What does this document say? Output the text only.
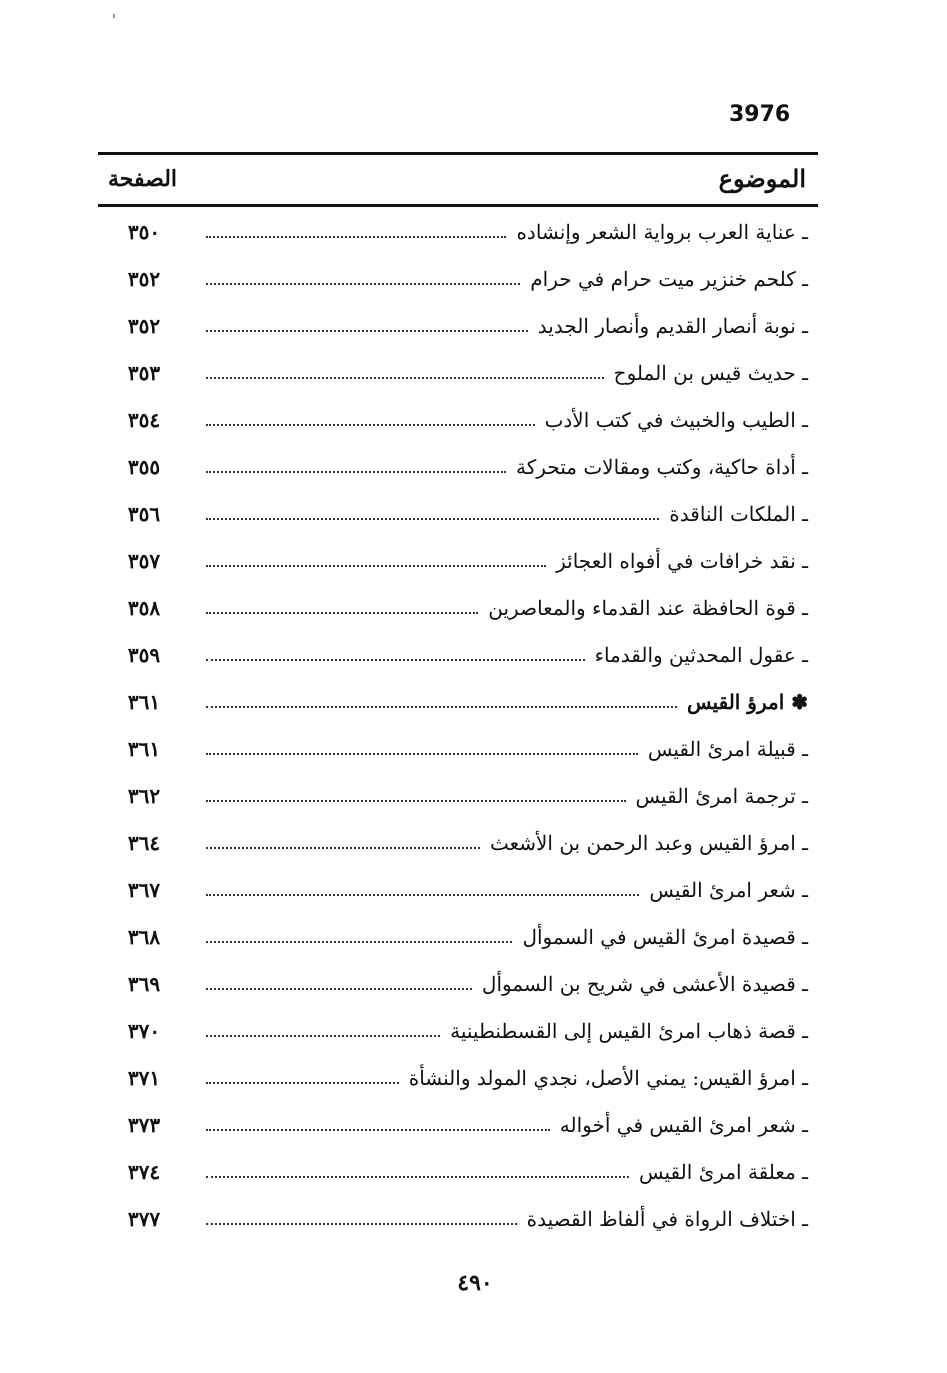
3976
الموضوع
الصفحة
ـ عناية العرب برواية الشعر وإنشاده
٣٥٠
ـ كلحم خنزير ميت حرام في حرام
٣٥٢
ـ نوبة أنصار القديم وأنصار الجديد
٣٥٢
ـ حديث قيس بن الملوح
٣٥٣
ـ الطيب والخبيث في كتب الأدب
٣٥٤
ـ أداة حاكية، وكتب ومقالات متحركة
٣٥٥
ـ الملكات الناقدة
٣٥٦
ـ نقد خرافات في أفواه العجائز
٣٥٧
ـ قوة الحافظة عند القدماء والمعاصرين
٣٥٨
ـ عقول المحدثين والقدماء
٣٥٩
✽ امرؤ القيس
٣٦١
ـ قبيلة امرئ القيس
٣٦١
ـ ترجمة امرئ القيس
٣٦٢
ـ امرؤ القيس وعبد الرحمن بن الأشعث
٣٦٤
ـ شعر امرئ القيس
٣٦٧
ـ قصيدة امرئ القيس في السموأل
٣٦٨
ـ قصيدة الأعشى في شريح بن السموأل
٣٦٩
ـ قصة ذهاب امرئ القيس إلى القسطنطينية
٣٧٠
ـ امرؤ القيس: يمني الأصل، نجدي المولد والنشأة
٣٧١
ـ شعر امرئ القيس في أخواله
٣٧٣
ـ معلقة امرئ القيس
٣٧٤
ـ اختلاف الرواة في ألفاظ القصيدة
٣٧٧
٤٩٠
